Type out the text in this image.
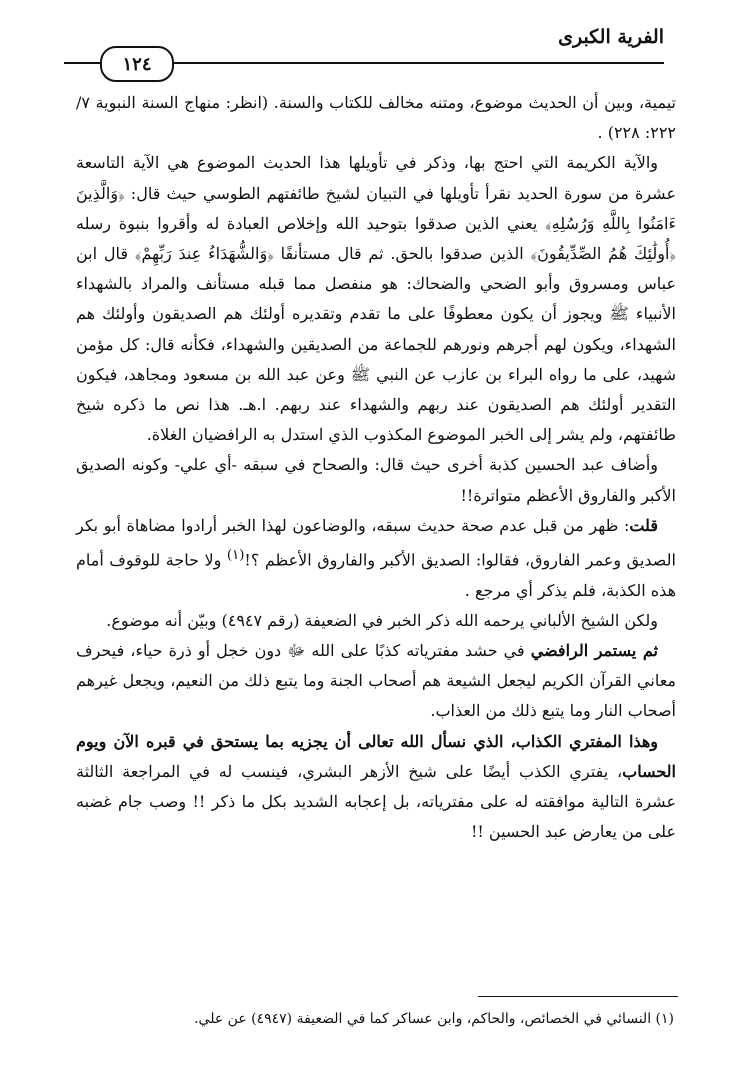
الفرية الكبرى
١٢٤

تيمية، وبين أن الحديث موضوع، ومتنه مخالف للكتاب والسنة. (انظر: منهاج السنة النبوية ٧/ ٢٢٢: ٢٢٨) .

والآية الكريمة التي احتج بها، وذكر في تأويلها هذا الحديث الموضوع هي الآية التاسعة عشرة من سورة الحديد نقرأ تأويلها في التبيان لشيخ طائفتهم الطوسي حيث قال: ﴿وَالَّذِينَ ءَامَنُوا بِاللَّهِ وَرُسُلِهِ﴾ يعني الذين صدقوا بتوحيد الله وإخلاص العبادة له وأقروا بنبوة رسله ﴿أُولَٰئِكَ هُمُ الصِّدِّيقُونَ﴾ الذين صدقوا بالحق. ثم قال مستأنفًا ﴿وَالشُّهَدَاءُ عِندَ رَبِّهِمْ﴾ قال ابن عباس ومسروق وأبو الضحي والضحاك: هو منفصل مما قبله مستأنف والمراد بالشهداء الأنبياء ﷺ ويجوز أن يكون معطوفًا على ما تقدم وتقديره أولئك هم الصديقون وأولئك هم الشهداء، ويكون لهم أجرهم ونورهم للجماعة من الصديقين والشهداء، فكأنه قال: كل مؤمن شهيد، على ما رواه البراء بن عازب عن النبي ﷺ وعن عبد الله بن مسعود ومجاهد، فيكون التقدير أولئك هم الصديقون عند ربهم والشهداء عند ربهم. ا.هـ. هذا نص ما ذكره شيخ طائفتهم، ولم يشر إلى الخبر الموضوع المكذوب الذي استدل به الرافضيان الغلاة.

وأضاف عبد الحسين كذبة أخرى حيث قال: والصحاح في سبقه -أي علي- وكونه الصديق الأكبر والفاروق الأعظم متواترة!!

قلت: ظهر من قبل عدم صحة حديث سبقه، والوضاعون لهذا الخبر أرادوا مضاهاة أبو بكر الصديق وعمر الفاروق، فقالوا: الصديق الأكبر والفاروق الأعظم ؟!$^{(١)}$ ولا حاجة للوقوف أمام هذه الكذبة، فلم يذكر أي مرجع .

ولكن الشيخ الألباني يرحمه الله ذكر الخبر في الضعيفة (رقم ٤٩٤٧) وبيّن أنه موضوع.

ثم يستمر الرافضي في حشد مفترياته كذبًا على الله ﷻ دون خجل أو ذرة حياء، فيحرف معاني القرآن الكريم ليجعل الشيعة هم أصحاب الجنة وما يتبع ذلك من النعيم، ويجعل غيرهم أصحاب النار وما يتبع ذلك من العذاب.

وهذا المفتري الكذاب، الذي نسأل الله تعالى أن يجزيه بما يستحق في قبره الآن ويوم الحساب، يفتري الكذب أيضًا على شيخ الأزهر البشري، فينسب له في المراجعة الثالثة عشرة التالية موافقته له على مفترياته، بل إعجابه الشديد بكل ما ذكر !! وصب جام غضبه على من يعارض عبد الحسين !!

(١) النسائي في الخصائص، والحاكم، وابن عساكر كما في الضعيفة (٤٩٤٧) عن علي.
